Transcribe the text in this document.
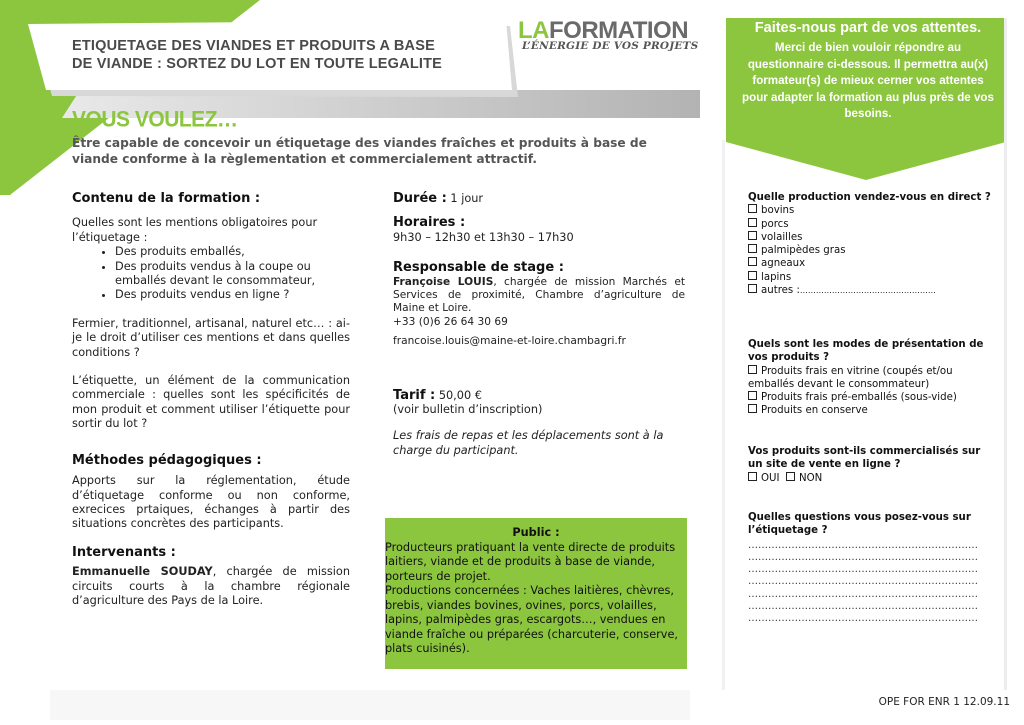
ETIQUETAGE DES VIANDES ET PRODUITS A BASE
DE VIANDE : SORTEZ DU LOT EN TOUTE LEGALITE
LAFORMATION
L’ÉNERGIE DE VOS PROJETS
VOUS VOULEZ…
Être capable de concevoir un étiquetage des viandes fraîches et produits à base de viande conforme à la règlementation et commercialement attractif.
Contenu de la formation :
Quelles sont les mentions obligatoires pour l’étiquetage :
• Des produits emballés,
• Des produits vendus à la coupe ou emballés devant le consommateur,
• Des produits vendus en ligne ?
Fermier, traditionnel, artisanal, naturel etc… : ai-je le droit d’utiliser ces mentions et dans quelles conditions ?
L’étiquette, un élément de la communication commerciale : quelles sont les spécificités de mon produit et comment utiliser l’étiquette pour sortir du lot ?
Méthodes pédagogiques :
Apports sur la réglementation, étude d’étiquetage conforme ou non conforme, exrecices prtaiques, échanges à partir des situations concrètes des participants.
Intervenants :
Emmanuelle SOUDAY, chargée de mission circuits courts à la chambre régionale d’agriculture des Pays de la Loire.
Durée : 1 jour
Horaires :
9h30 – 12h30 et 13h30 – 17h30
Responsable de stage :
Françoise LOUIS, chargée de mission Marchés et Services de proximité, Chambre d’agriculture de Maine et Loire.
+33 (0)6 26 64 30 69
francoise.louis@maine-et-loire.chambagri.fr
Tarif : 50,00 €
(voir bulletin d’inscription)
Les frais de repas et les déplacements sont à la charge du participant.
Public :
Producteurs pratiquant la vente directe de produits laitiers, viande et de produits à base de viande, porteurs de projet.
Productions concernées : Vaches laitières, chèvres, brebis, viandes bovines, ovines, porcs, volailles, lapins, palmipèdes gras, escargots…, vendues en viande fraîche ou préparées (charcuterie, conserve, plats cuisinés).
Faites-nous part de vos attentes.
Merci de bien vouloir répondre au questionnaire ci-dessous. Il permettra au(x) formateur(s) de mieux cerner vos attentes pour adapter la formation au plus près de vos besoins.
Quelle production vendez-vous en direct ?
bovins
porcs
volailles
palmipèdes gras
agneaux
lapins
autres :……………………………………………
Quels sont les modes de présentation de vos produits ?
Produits frais en vitrine (coupés et/ou emballés devant le consommateur)
Produits frais pré-emballés (sous-vide)
Produits en conserve
Vos produits sont-ils commercialisés sur un site de vente en ligne ?
OUI NON
Quelles questions vous posez-vous sur l’étiquetage ?
……………………………………………………………
……………………………………………………………
……………………………………………………………
……………………………………………………………
……………………………………………………………
……………………………………………………………
……………………………………………………………
OPE FOR ENR 1 12.09.11
